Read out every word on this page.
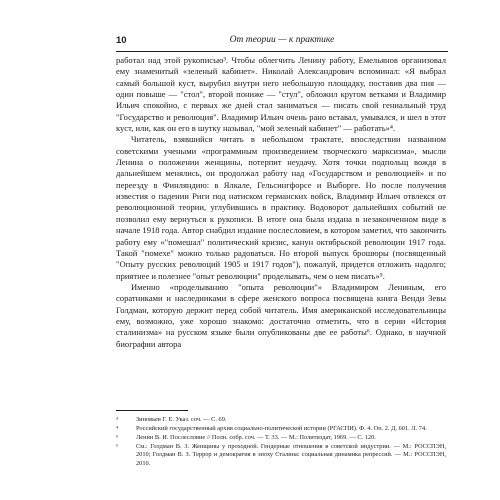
10	От теории — к практике

работал над этой рукописью³. Чтобы облегчить Ленину работу, Емельянов организовал ему знаменитый «зеленый кабинет». Николай Александрович вспоминал: «Я выбрал самый большой куст, вырубил внутри него небольшую площадку, поставив два пня — один повыше — "стол", второй пониже — "стул", обложил кругом ветками и Владимир Ильич спокойно, с первых же дней стал заниматься — писать свой гениальный труд "Государство и революция". Владимир Ильич очень рано вставал, умывался, и шел в этот куст, или, как он его в шутку называл, "мой зеленый кабинет" — работать»⁴.

Читатель, взявшийся читать в небольшом трактате, впоследствии названном советскими учеными «программным произведением творческого марксизма», мысли Ленина о положении женщины, потерпит неудачу. Хотя точки подпольщ вождя в дальнейшем менялись, он продолжал работу над «Государством и революцией» и по переезду в Финляндию: в Ялкале, Гельсингфорсе и Выборге. Но после получения известия о падении Риги под натиском германских войск, Владимир Ильич отвлекся от революционной теории, углубившись в практику. Водоворот дальнейших событий не позволил ему вернуться к рукописи. В итоге она была издана в незаконченном виде в начале 1918 года. Автор снабдил издание послесловием, в котором заметил, что закончить работу ему «"помешал" политический кризис, канун октябрьской революции 1917 года. Такой "помехе" можно только радоваться. Но второй выпуск брошюры (посвященный "Опыту русских революций 1905 и 1917 годов"), пожалуй, придется отложить надолго; приятнее и полезнее "опыт революции" проделывать, чем о нем писать»⁵.

Именно «проделыванию "опыта революции"» Владимиром Лениным, его соратниками и наследниками в сфере женского вопроса посвящена книга Венди Зевы Голдман, которую держит перед собой читатель. Имя американской исследовательницы ему, возможно, уже хорошо знакомо: достаточно отметить, что в серии «История сталинизма» на русском языке были опубликованы две ее работы⁶. Однако, в научной биографии автора

³	Зиновьев Г. Е. Указ. соч. — С. 69.
⁴	Российский государственный архив социально-политической истории (РГАСПИ). Ф. 4. Оп. 2. Д. 601. Л. 74.
⁵	Ленин В. И. Послесловие // Полн. собр. соч. — Т. 33. — М.: Политиздат, 1969. — С. 120.
⁶	См.: Голдман В. З. Женщины у проходной. Гендерные отношения в советской индустрии. — М.: РОССПЭН, 2010; Голдман В. З. Террор и демократия в эпоху Сталина: социальная динамика репрессий. — М.: РОССПЭН, 2010.
